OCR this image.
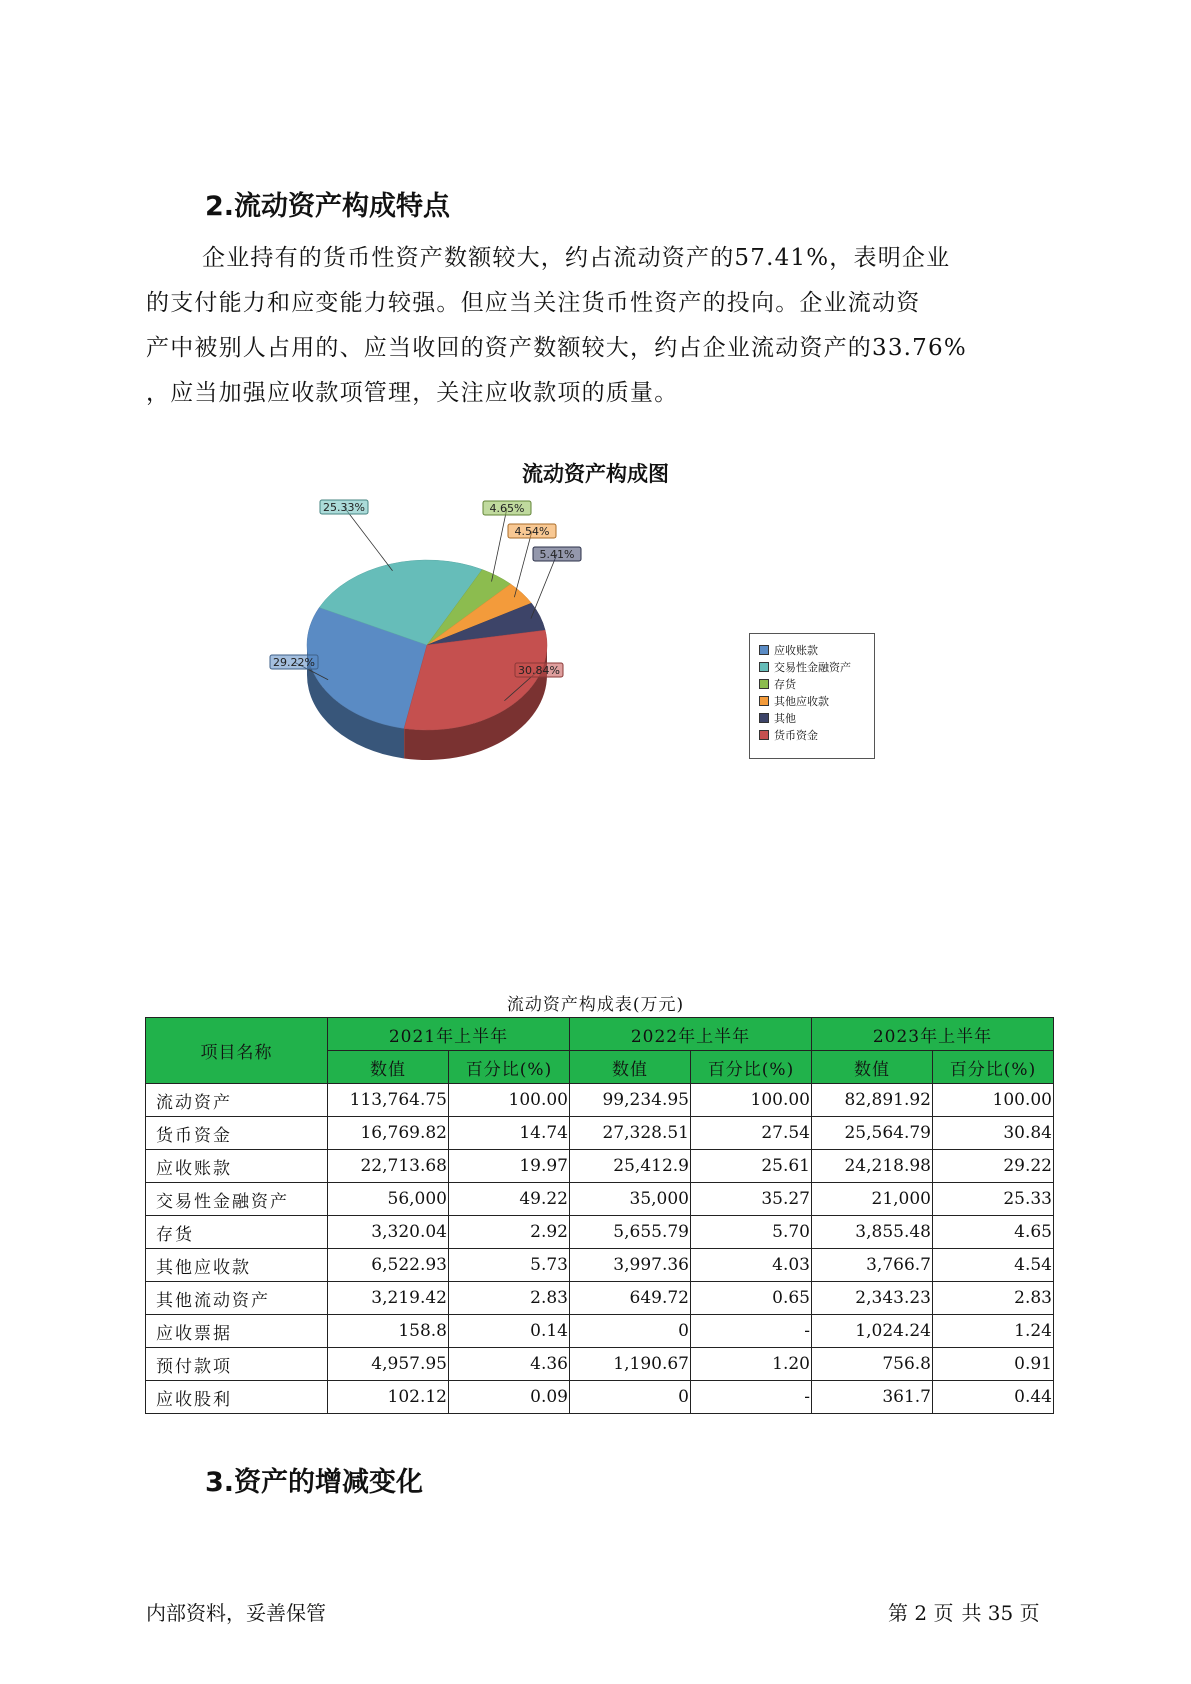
2.流动资产构成特点
企业持有的货币性资产数额较大，约占流动资产的57.41%，表明企业
的支付能力和应变能力较强。但应当关注货币性资产的投向。企业流动资
产中被别人占用的、应当收回的资产数额较大，约占企业流动资产的33.76%
，应当加强应收款项管理，关注应收款项的质量。
流动资产构成图
29.22%
25.33%	4.65%
4.54%
5.41%
30.84%
应收账款
交易性金融资产
存货
其他应收款
其他
货币资金
流动资产构成表(万元)
项目名称	2021年上半年		2022年上半年		2023年上半年	
	数值	百分比(%)	数值	百分比(%)	数值	百分比(%)
流动资产	113,764.75	100.00	99,234.95	100.00	82,891.92	100.00
货币资金	16,769.82	14.74	27,328.51	27.54	25,564.79	30.84
应收账款	22,713.68	19.97	25,412.9	25.61	24,218.98	29.22
交易性金融资产	56,000	49.22	35,000	35.27	21,000	25.33
存货	3,320.04	2.92	5,655.79	5.70	3,855.48	4.65
其他应收款	6,522.93	5.73	3,997.36	4.03	3,766.7	4.54
其他流动资产	3,219.42	2.83	649.72	0.65	2,343.23	2.83
应收票据	158.8	0.14	0	-	1,024.24	1.24
预付款项	4,957.95	4.36	1,190.67	1.20	756.8	0.91
应收股利	102.12	0.09	0	-	361.7	0.44
3.资产的增减变化
内部资料，妥善保管	第 2 页 共 35 页
